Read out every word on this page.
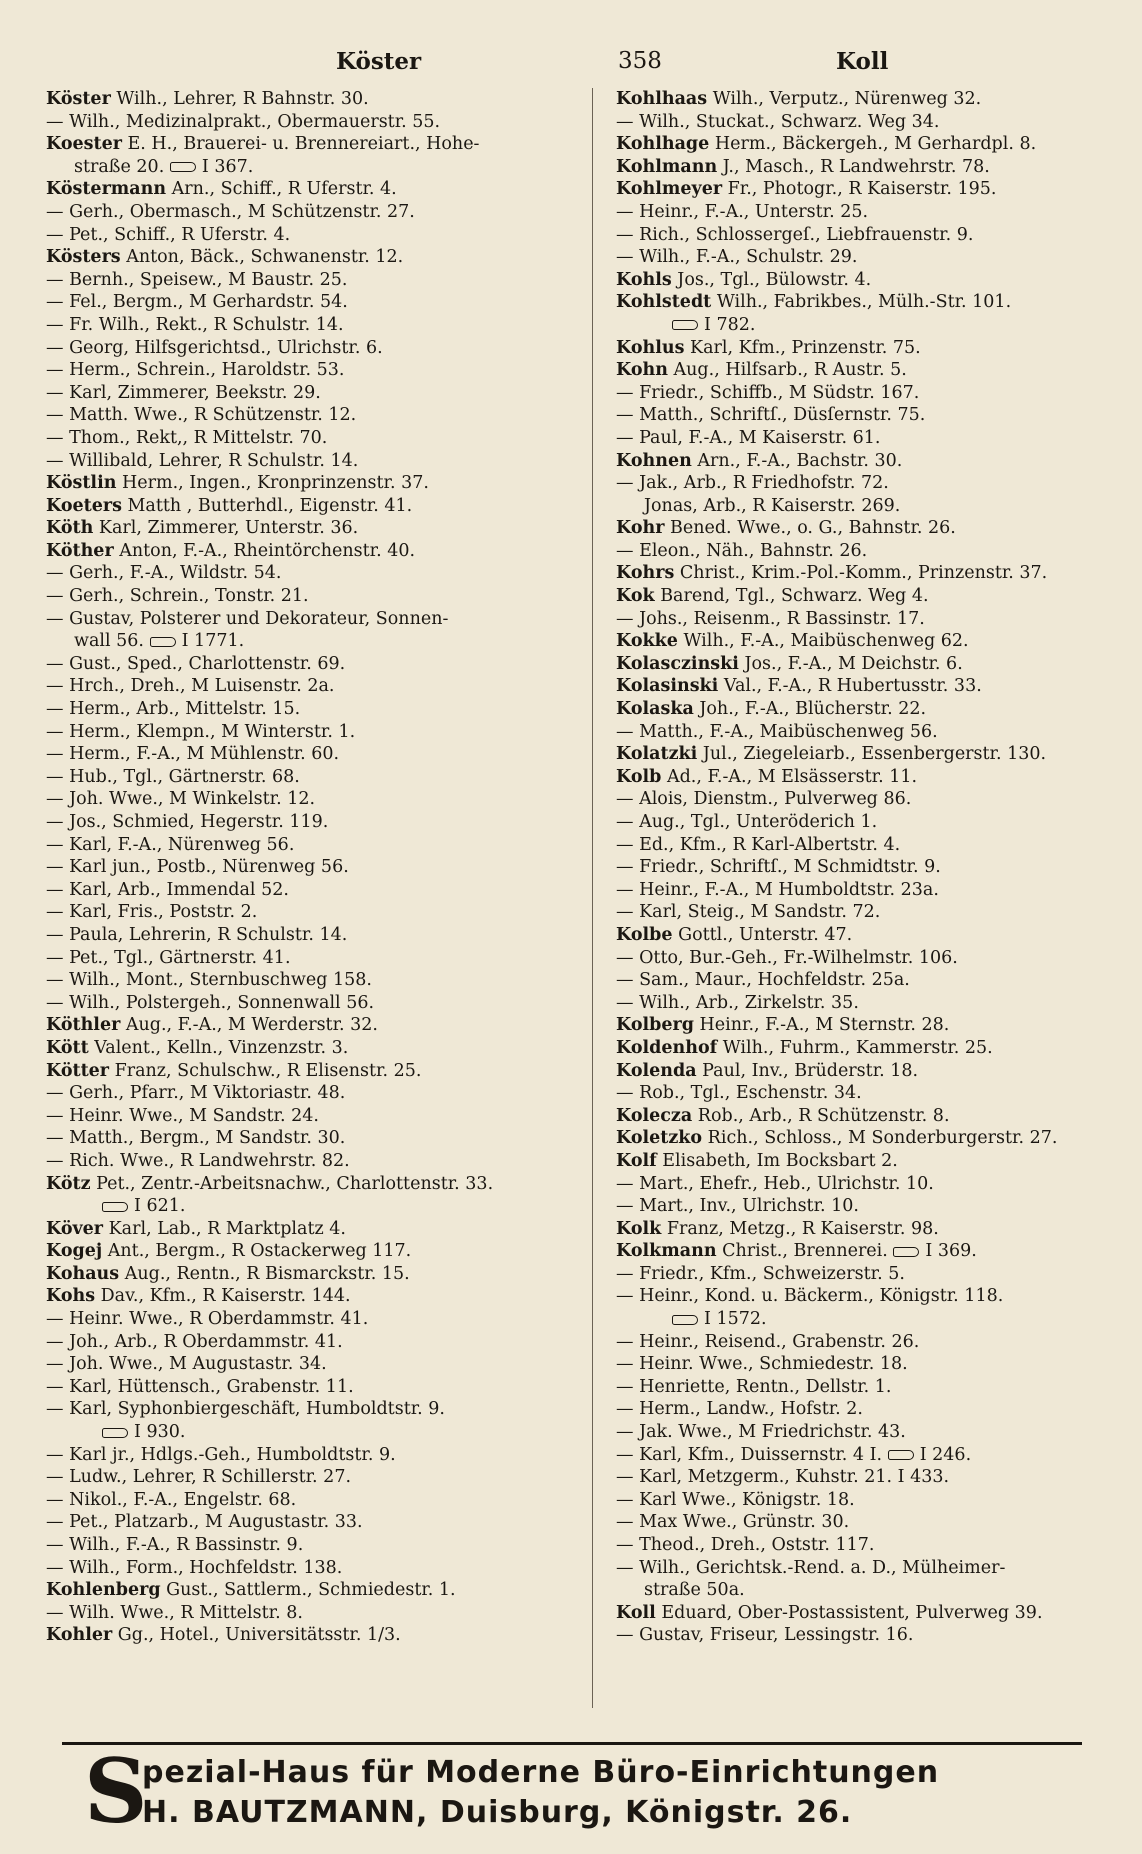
Köster	358	Koll
Köster Wilh., Lehrer, R Bahnstr. 30.
— Wilh., Medizinalprakt., Obermauerstr. 55.
Koester E. H., Brauerei- u. Brennereiart., Hohe-
straße 20. I 367.
Köstermann Arn., Schiff., R Uferstr. 4.
— Gerh., Obermasch., M Schützenstr. 27.
— Pet., Schiff., R Uferstr. 4.
Kösters Anton, Bäck., Schwanenstr. 12.
— Bernh., Speisew., M Baustr. 25.
— Fel., Bergm., M Gerhardstr. 54.
— Fr. Wilh., Rekt., R Schulstr. 14.
— Georg, Hilfsgerichtsd., Ulrichstr. 6.
— Herm., Schrein., Haroldstr. 53.
— Karl, Zimmerer, Beekstr. 29.
— Matth. Wwe., R Schützenstr. 12.
— Thom., Rekt,, R Mittelstr. 70.
— Willibald, Lehrer, R Schulstr. 14.
Köstlin Herm., Ingen., Kronprinzenstr. 37.
Koeters Matth , Butterhdl., Eigenstr. 41.
Köth Karl, Zimmerer, Unterstr. 36.
Köther Anton, F.-A., Rheintörchenstr. 40.
— Gerh., F.-A., Wildstr. 54.
— Gerh., Schrein., Tonstr. 21.
— Gustav, Polsterer und Dekorateur, Sonnen-
wall 56. I 1771.
— Gust., Sped., Charlottenstr. 69.
— Hrch., Dreh., M Luisenstr. 2a.
— Herm., Arb., Mittelstr. 15.
— Herm., Klempn., M Winterstr. 1.
— Herm., F.-A., M Mühlenstr. 60.
— Hub., Tgl., Gärtnerstr. 68.
— Joh. Wwe., M Winkelstr. 12.
— Jos., Schmied, Hegerstr. 119.
— Karl, F.-A., Nürenweg 56.
— Karl jun., Postb., Nürenweg 56.
— Karl, Arb., Immendal 52.
— Karl, Fris., Poststr. 2.
— Paula, Lehrerin, R Schulstr. 14.
— Pet., Tgl., Gärtnerstr. 41.
— Wilh., Mont., Sternbuschweg 158.
— Wilh., Polstergeh., Sonnenwall 56.
Köthler Aug., F.-A., M Werderstr. 32.
Kött Valent., Kelln., Vinzenzstr. 3.
Kötter Franz, Schulschw., R Elisenstr. 25.
— Gerh., Pfarr., M Viktoriastr. 48.
— Heinr. Wwe., M Sandstr. 24.
— Matth., Bergm., M Sandstr. 30.
— Rich. Wwe., R Landwehrstr. 82.
Kötz Pet., Zentr.-Arbeitsnachw., Charlottenstr. 33.
I 621.
Köver Karl, Lab., R Marktplatz 4.
Kogej Ant., Bergm., R Ostackerweg 117.
Kohaus Aug., Rentn., R Bismarckstr. 15.
Kohs Dav., Kfm., R Kaiserstr. 144.
— Heinr. Wwe., R Oberdammstr. 41.
— Joh., Arb., R Oberdammstr. 41.
— Joh. Wwe., M Augustastr. 34.
— Karl, Hüttensch., Grabenstr. 11.
— Karl, Syphonbiergeschäft, Humboldtstr. 9.
I 930.
— Karl jr., Hdlgs.-Geh., Humboldtstr. 9.
— Ludw., Lehrer, R Schillerstr. 27.
— Nikol., F.-A., Engelstr. 68.
— Pet., Platzarb., M Augustastr. 33.
— Wilh., F.-A., R Bassinstr. 9.
— Wilh., Form., Hochfeldstr. 138.
Kohlenberg Gust., Sattlerm., Schmiedestr. 1.
— Wilh. Wwe., R Mittelstr. 8.
Kohler Gg., Hotel., Universitätsstr. 1/3.
Kohlhaas Wilh., Verputz., Nürenweg 32.
— Wilh., Stuckat., Schwarz. Weg 34.
Kohlhage Herm., Bäckergeh., M Gerhardpl. 8.
Kohlmann J., Masch., R Landwehrstr. 78.
Kohlmeyer Fr., Photogr., R Kaiserstr. 195.
— Heinr., F.-A., Unterstr. 25.
— Rich., Schlossergeſ., Liebfrauenstr. 9.
— Wilh., F.-A., Schulstr. 29.
Kohls Jos., Tgl., Bülowstr. 4.
Kohlstedt Wilh., Fabrikbes., Mülh.-Str. 101.
I 782.
Kohlus Karl, Kfm., Prinzenstr. 75.
Kohn Aug., Hilfsarb., R Austr. 5.
— Friedr., Schiffb., M Südstr. 167.
— Matth., Schriftſ., Düsſernstr. 75.
— Paul, F.-A., M Kaiserstr. 61.
Kohnen Arn., F.-A., Bachstr. 30.
— Jak., Arb., R Friedhofstr. 72.
Jonas, Arb., R Kaiserstr. 269.
Kohr Bened. Wwe., o. G., Bahnstr. 26.
— Eleon., Näh., Bahnstr. 26.
Kohrs Christ., Krim.-Pol.-Komm., Prinzenstr. 37.
Kok Barend, Tgl., Schwarz. Weg 4.
— Johs., Reisenm., R Bassinstr. 17.
Kokke Wilh., F.-A., Maibüschenweg 62.
Kolasczinski Jos., F.-A., M Deichstr. 6.
Kolasinski Val., F.-A., R Hubertusstr. 33.
Kolaska Joh., F.-A., Blücherstr. 22.
— Matth., F.-A., Maibüschenweg 56.
Kolatzki Jul., Ziegeleiarb., Essenbergerstr. 130.
Kolb Ad., F.-A., M Elsässerstr. 11.
— Alois, Dienstm., Pulverweg 86.
— Aug., Tgl., Unteröderich 1.
— Ed., Kfm., R Karl-Albertstr. 4.
— Friedr., Schriftſ., M Schmidtstr. 9.
— Heinr., F.-A., M Humboldtstr. 23a.
— Karl, Steig., M Sandstr. 72.
Kolbe Gottl., Unterstr. 47.
— Otto, Bur.-Geh., Fr.-Wilhelmstr. 106.
— Sam., Maur., Hochfeldstr. 25a.
— Wilh., Arb., Zirkelstr. 35.
Kolberg Heinr., F.-A., M Sternstr. 28.
Koldenhof Wilh., Fuhrm., Kammerstr. 25.
Kolenda Paul, Inv., Brüderstr. 18.
— Rob., Tgl., Eschenstr. 34.
Koleczа Rob., Arb., R Schützenstr. 8.
Koletzko Rich., Schloss., M Sonderburgerstr. 27.
Kolf Elisabeth, Im Bocksbart 2.
— Mart., Ehefr., Heb., Ulrichstr. 10.
— Mart., Inv., Ulrichstr. 10.
Kolk Franz, Metzg., R Kaiserstr. 98.
Kolkmann Christ., Brennerei. I 369.
— Friedr., Kfm., Schweizerstr. 5.
— Heinr., Kond. u. Bäckerm., Königstr. 118.
I 1572.
— Heinr., Reisend., Grabenstr. 26.
— Heinr. Wwe., Schmiedestr. 18.
— Henriette, Rentn., Dellstr. 1.
— Herm., Landw., Hofstr. 2.
— Jak. Wwe., M Friedrichstr. 43.
— Karl, Kfm., Duissernstr. 4 I. I 246.
— Karl, Metzgerm., Kuhstr. 21. I 433.
— Karl Wwe., Königstr. 18.
— Max Wwe., Grünstr. 30.
— Theod., Dreh., Oststr. 117.
— Wilh., Gerichtsk.-Rend. a. D., Mülheimer-
straße 50a.
Koll Eduard, Ober-Postassistent, Pulverweg 39.
— Gustav, Friseur, Lessingstr. 16.
S
pezial-Haus für Moderne Büro-Einrichtungen
H. BAUTZMANN, Duisburg, Königstr. 26.
